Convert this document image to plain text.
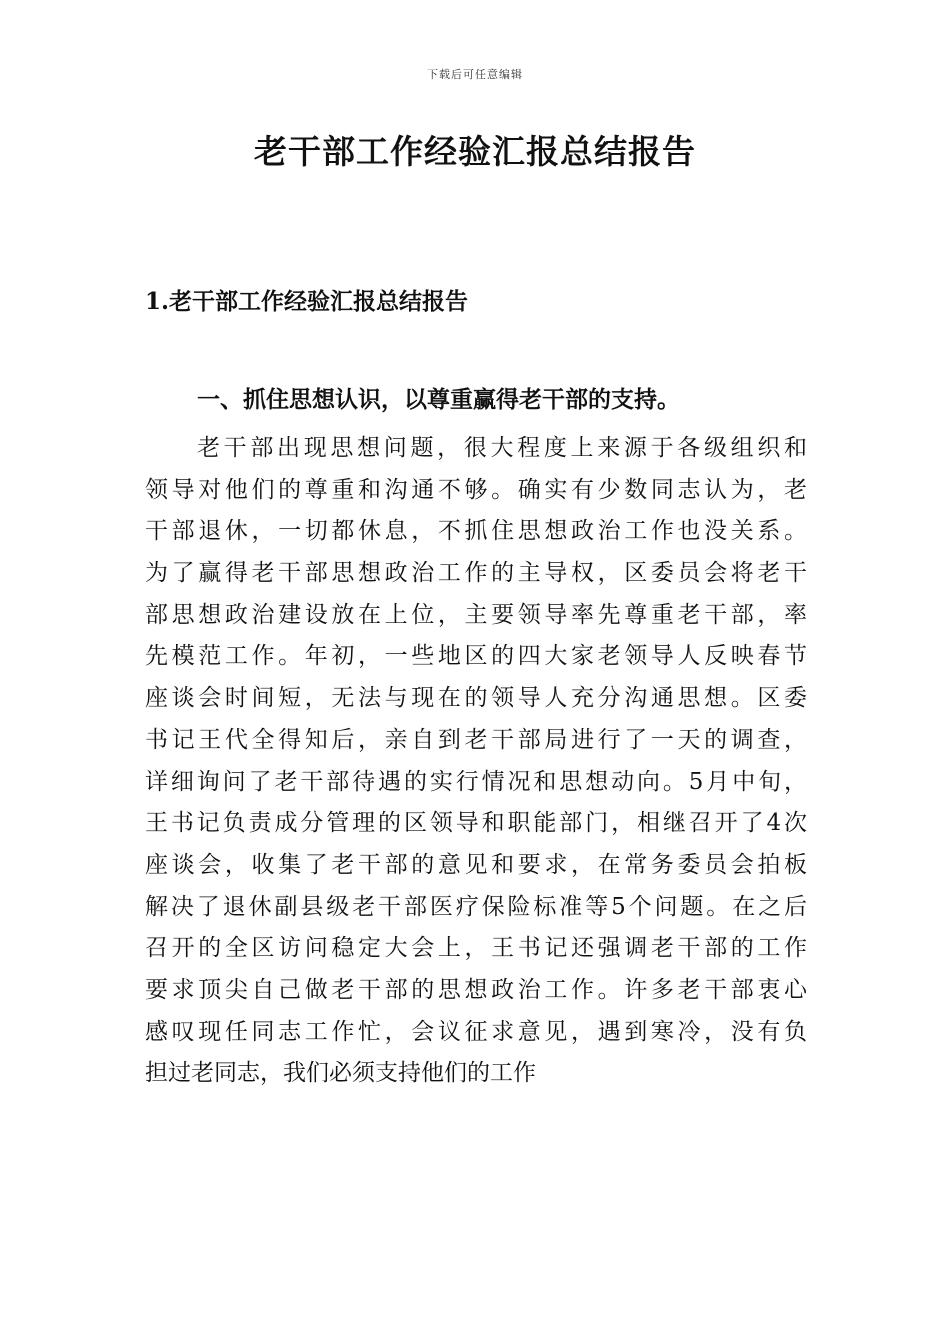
下载后可任意编辑
老干部工作经验汇报总结报告
1.老干部工作经验汇报总结报告
一、抓住思想认识，以尊重赢得老干部的支持。
老干部出现思想问题，很大程度上来源于各级组织和
领导对他们的尊重和沟通不够。确实有少数同志认为，老
干部退休，一切都休息，不抓住思想政治工作也没关系。
为了赢得老干部思想政治工作的主导权，区委员会将老干
部思想政治建设放在上位，主要领导率先尊重老干部，率
先模范工作。年初，一些地区的四大家老领导人反映春节
座谈会时间短，无法与现在的领导人充分沟通思想。区委
书记王代全得知后，亲自到老干部局进行了一天的调查，
详细询问了老干部待遇的实行情况和思想动向。5月中旬，
王书记负责成分管理的区领导和职能部门，相继召开了4次
座谈会，收集了老干部的意见和要求，在常务委员会拍板
解决了退休副县级老干部医疗保险标准等5个问题。在之后
召开的全区访问稳定大会上，王书记还强调老干部的工作
要求顶尖自己做老干部的思想政治工作。许多老干部衷心
感叹现任同志工作忙，会议征求意见，遇到寒冷，没有负
担过老同志，我们必须支持他们的工作
